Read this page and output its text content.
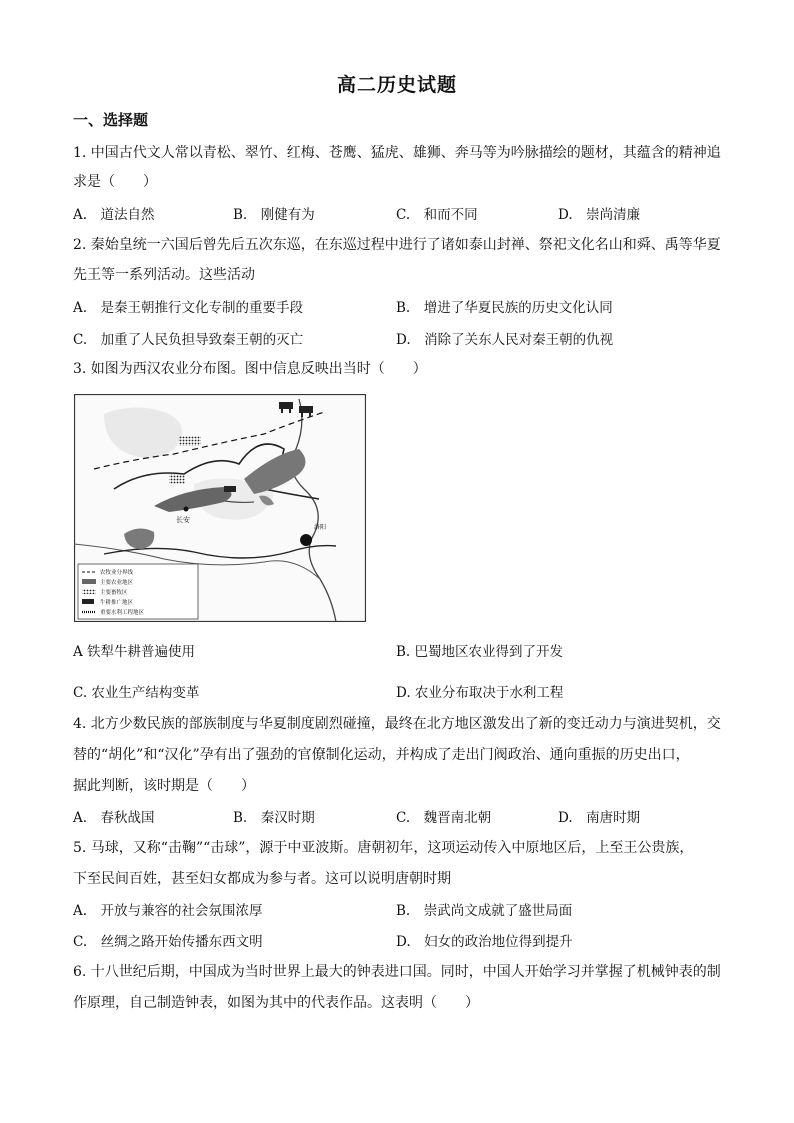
高二历史试题
一、选择题
1. 中国古代文人常以青松、翠竹、红梅、苍鹰、猛虎、雄狮、奔马等为吟脉描绘的题材，其蕴含的精神追
求是（　　）
A.　道法自然	B.　刚健有为	C.　和而不同	D.　崇尚清廉
2. 秦始皇统一六国后曾先后五次东巡，在东巡过程中进行了诸如泰山封禅、祭祀文化名山和舜、禹等华夏
先王等一系列活动。这些活动
A.　是秦王朝推行文化专制的重要手段	B.　增进了华夏民族的历史文化认同
C.　加重了人民负担导致秦王朝的灭亡	D.　消除了关东人民对秦王朝的仇视
3. 如图为西汉农业分布图。图中信息反映出当时（　　）
长安
洛阳
农牧业分界线
主要农业地区
主要畜牧区
牛耕推广地区
重要水利工程地区
A 铁犁牛耕普遍使用	B. 巴蜀地区农业得到了开发
C. 农业生产结构变革	D. 农业分布取决于水利工程
4. 北方少数民族的部族制度与华夏制度剧烈碰撞，最终在北方地区激发出了新的变迁动力与演进契机，交
替的“胡化”和“汉化”孕有出了强劲的官僚制化运动，并构成了走出门阀政治、通向重振的历史出口，
据此判断，该时期是（　　）
A.　春秋战国	B.　秦汉时期	C.　魏晋南北朝	D.　南唐时期
5. 马球，又称“击鞠”“击球”，源于中亚波斯。唐朝初年，这项运动传入中原地区后，上至王公贵族，
下至民间百姓，甚至妇女都成为参与者。这可以说明唐朝时期
A.　开放与兼容的社会氛围浓厚	B.　崇武尚文成就了盛世局面
C.　丝绸之路开始传播东西文明	D.　妇女的政治地位得到提升
6. 十八世纪后期，中国成为当时世界上最大的钟表进口国。同时，中国人开始学习并掌握了机械钟表的制
作原理，自己制造钟表，如图为其中的代表作品。这表明（　　）
